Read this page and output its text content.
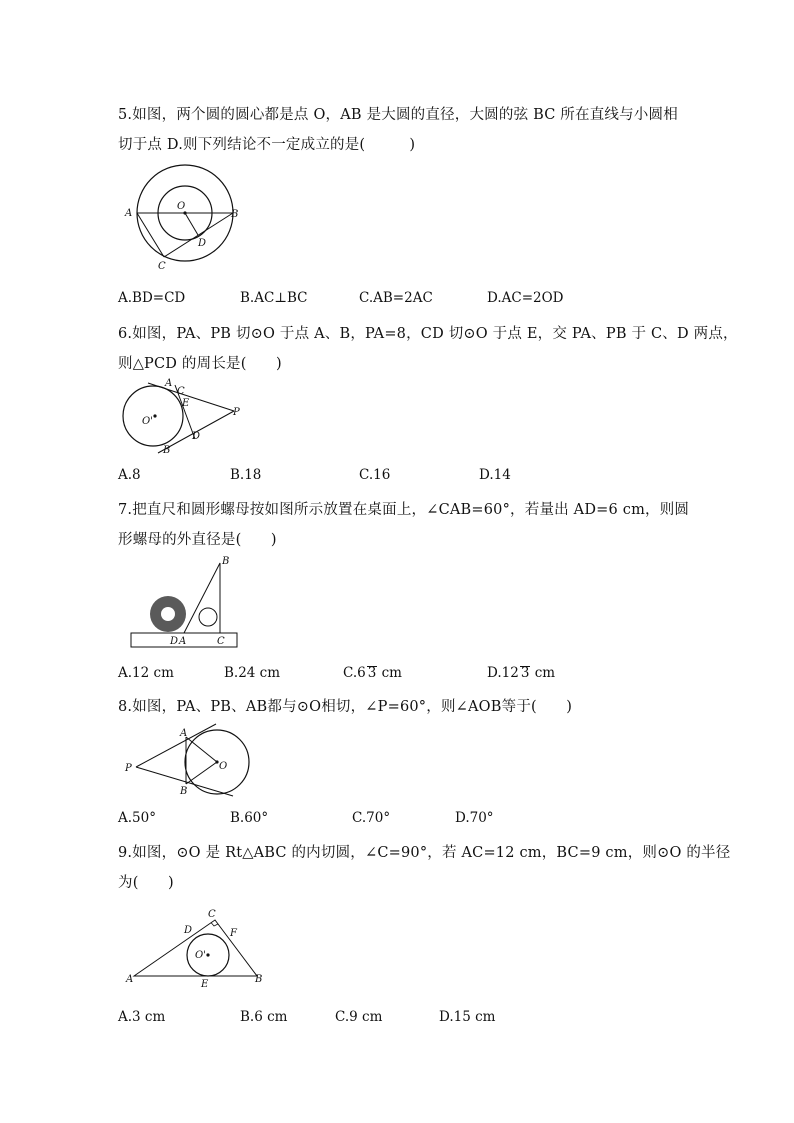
5.如图，两个圆的圆心都是点 O，AB 是大圆的直径，大圆的弦 BC 所在直线与小圆相
切于点 D.则下列结论不一定成立的是(　　　)
A	B
C
D
O
A.BD=CD	B.AC⊥BC	C.AB=2AC	D.AC=2OD
6.如图，PA、PB 切⊙O 于点 A、B，PA=8，CD 切⊙O 于点 E，交 PA、PB 于 C、D 两点，
则△PCD 的周长是(　　)
A
C
E
D
B
P
O'
A.8	B.18	C.16	D.14
7.把直尺和圆形螺母按如图所示放置在桌面上，∠CAB=60°，若量出 AD=6 cm，则圆
形螺母的外直径是(　　)
B
D A	C
A.12 cm	B.24 cm	C.6 3 cm	D.12 3 cm
8.如图，PA、PB、AB都与⊙O相切，∠P=60°，则∠AOB等于(　　)
P
A
B
O
A.50°	B.60°	C.70°	D.70°
9.如图，⊙O 是 Rt△ABC 的内切圆，∠C=90°，若 AC=12 cm，BC=9 cm，则⊙O 的半径
为(　　)
C
D	F
O'
A	B
E
A.3 cm	B.6 cm	C.9 cm	D.15 cm
